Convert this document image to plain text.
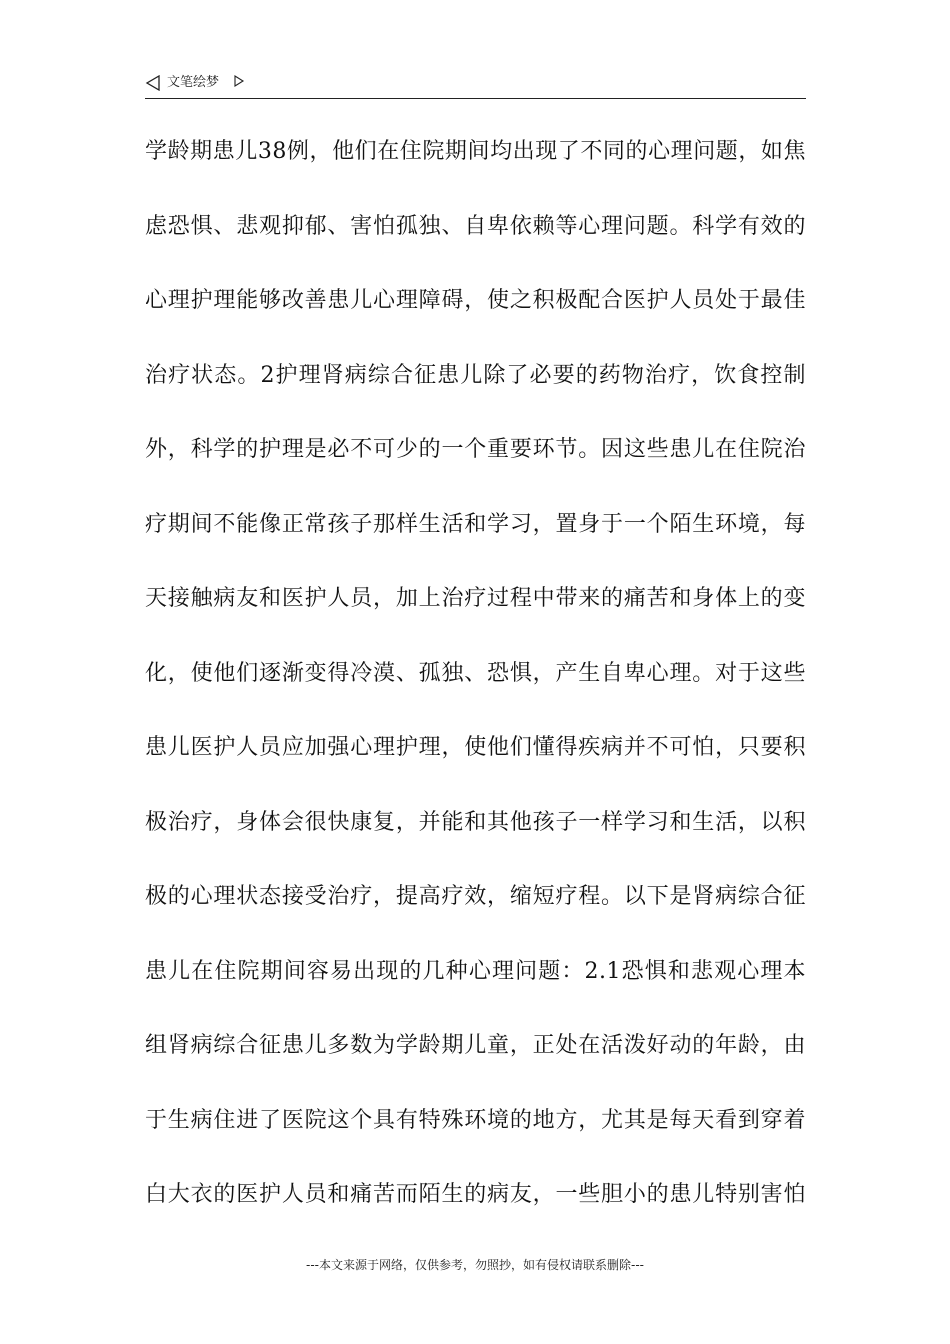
文笔绘梦
学龄期患儿38例，他们在住院期间均出现了不同的心理问题，如焦
虑恐惧、悲观抑郁、害怕孤独、自卑依赖等心理问题。科学有效的
心理护理能够改善患儿心理障碍，使之积极配合医护人员处于最佳
治疗状态。2护理肾病综合征患儿除了必要的药物治疗，饮食控制
外，科学的护理是必不可少的一个重要环节。因这些患儿在住院治
疗期间不能像正常孩子那样生活和学习，置身于一个陌生环境，每
天接触病友和医护人员，加上治疗过程中带来的痛苦和身体上的变
化，使他们逐渐变得冷漠、孤独、恐惧，产生自卑心理。对于这些
患儿医护人员应加强心理护理，使他们懂得疾病并不可怕，只要积
极治疗，身体会很快康复，并能和其他孩子一样学习和生活，以积
极的心理状态接受治疗，提高疗效，缩短疗程。以下是肾病综合征
患儿在住院期间容易出现的几种心理问题：2.1恐惧和悲观心理本
组肾病综合征患儿多数为学龄期儿童，正处在活泼好动的年龄，由
于生病住进了医院这个具有特殊环境的地方，尤其是每天看到穿着
白大衣的医护人员和痛苦而陌生的病友，一些胆小的患儿特别害怕
---本文来源于网络，仅供参考，勿照抄，如有侵权请联系删除---
